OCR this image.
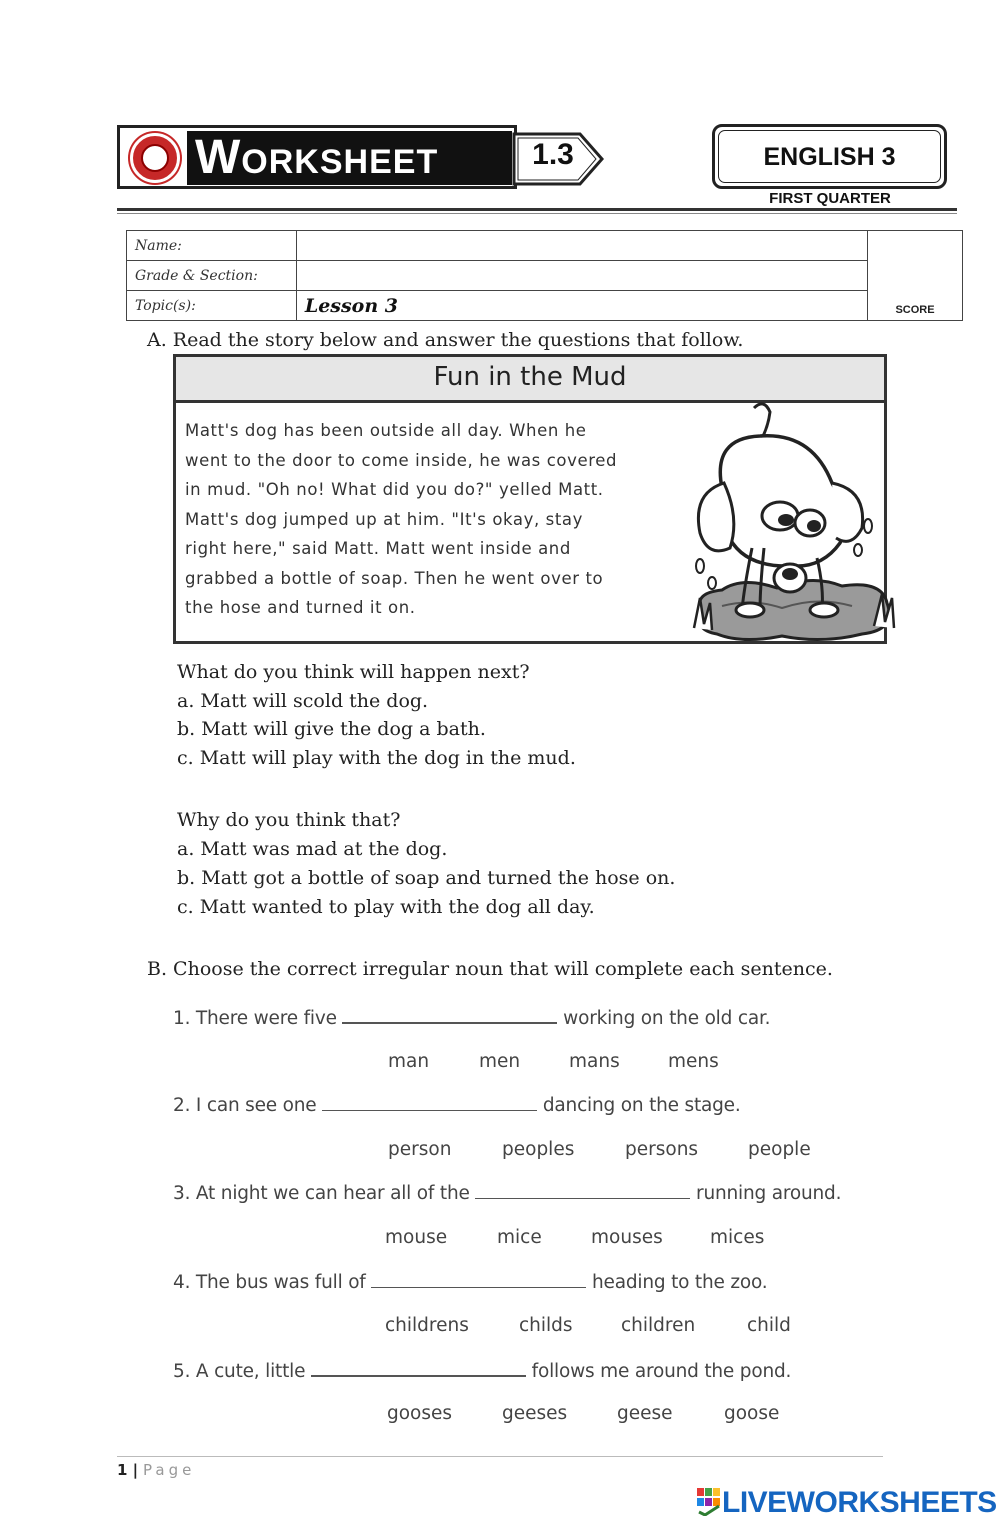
Worksheet	1.3	ENGLISH 3
FIRST QUARTER
Name:		SCORE
Grade & Section:		
Topic(s):	Lesson 3	
A. Read the story below and answer the questions that follow.
Fun in the Mud
Matt's dog has been outside all day. When he
went to the door to come inside, he was covered
in mud. "Oh no! What did you do?" yelled Matt.
Matt's dog jumped up at him. "It's okay, stay
right here," said Matt. Matt went inside and
grabbed a bottle of soap. Then he went over to
the hose and turned it on.
What do you think will happen next?
a. Matt will scold the dog.
b. Matt will give the dog a bath.
c. Matt will play with the dog in the mud.
Why do you think that?
a. Matt was mad at the dog.
b. Matt got a bottle of soap and turned the hose on.
c. Matt wanted to play with the dog all day.
B. Choose the correct irregular noun that will complete each sentence.
1. There were five	working on the old car.
man	men	mans	mens
2. I can see one	dancing on the stage.
person	peoples	persons	people
3. At night we can hear all of the	running around.
mouse	mice	mouses	mices
4. The bus was full of	heading to the zoo.
childrens	childs	children	child
5. A cute, little	follows me around the pond.
gooses	geeses	geese	goose
1 | Page
LIVEWORKSHEETS
